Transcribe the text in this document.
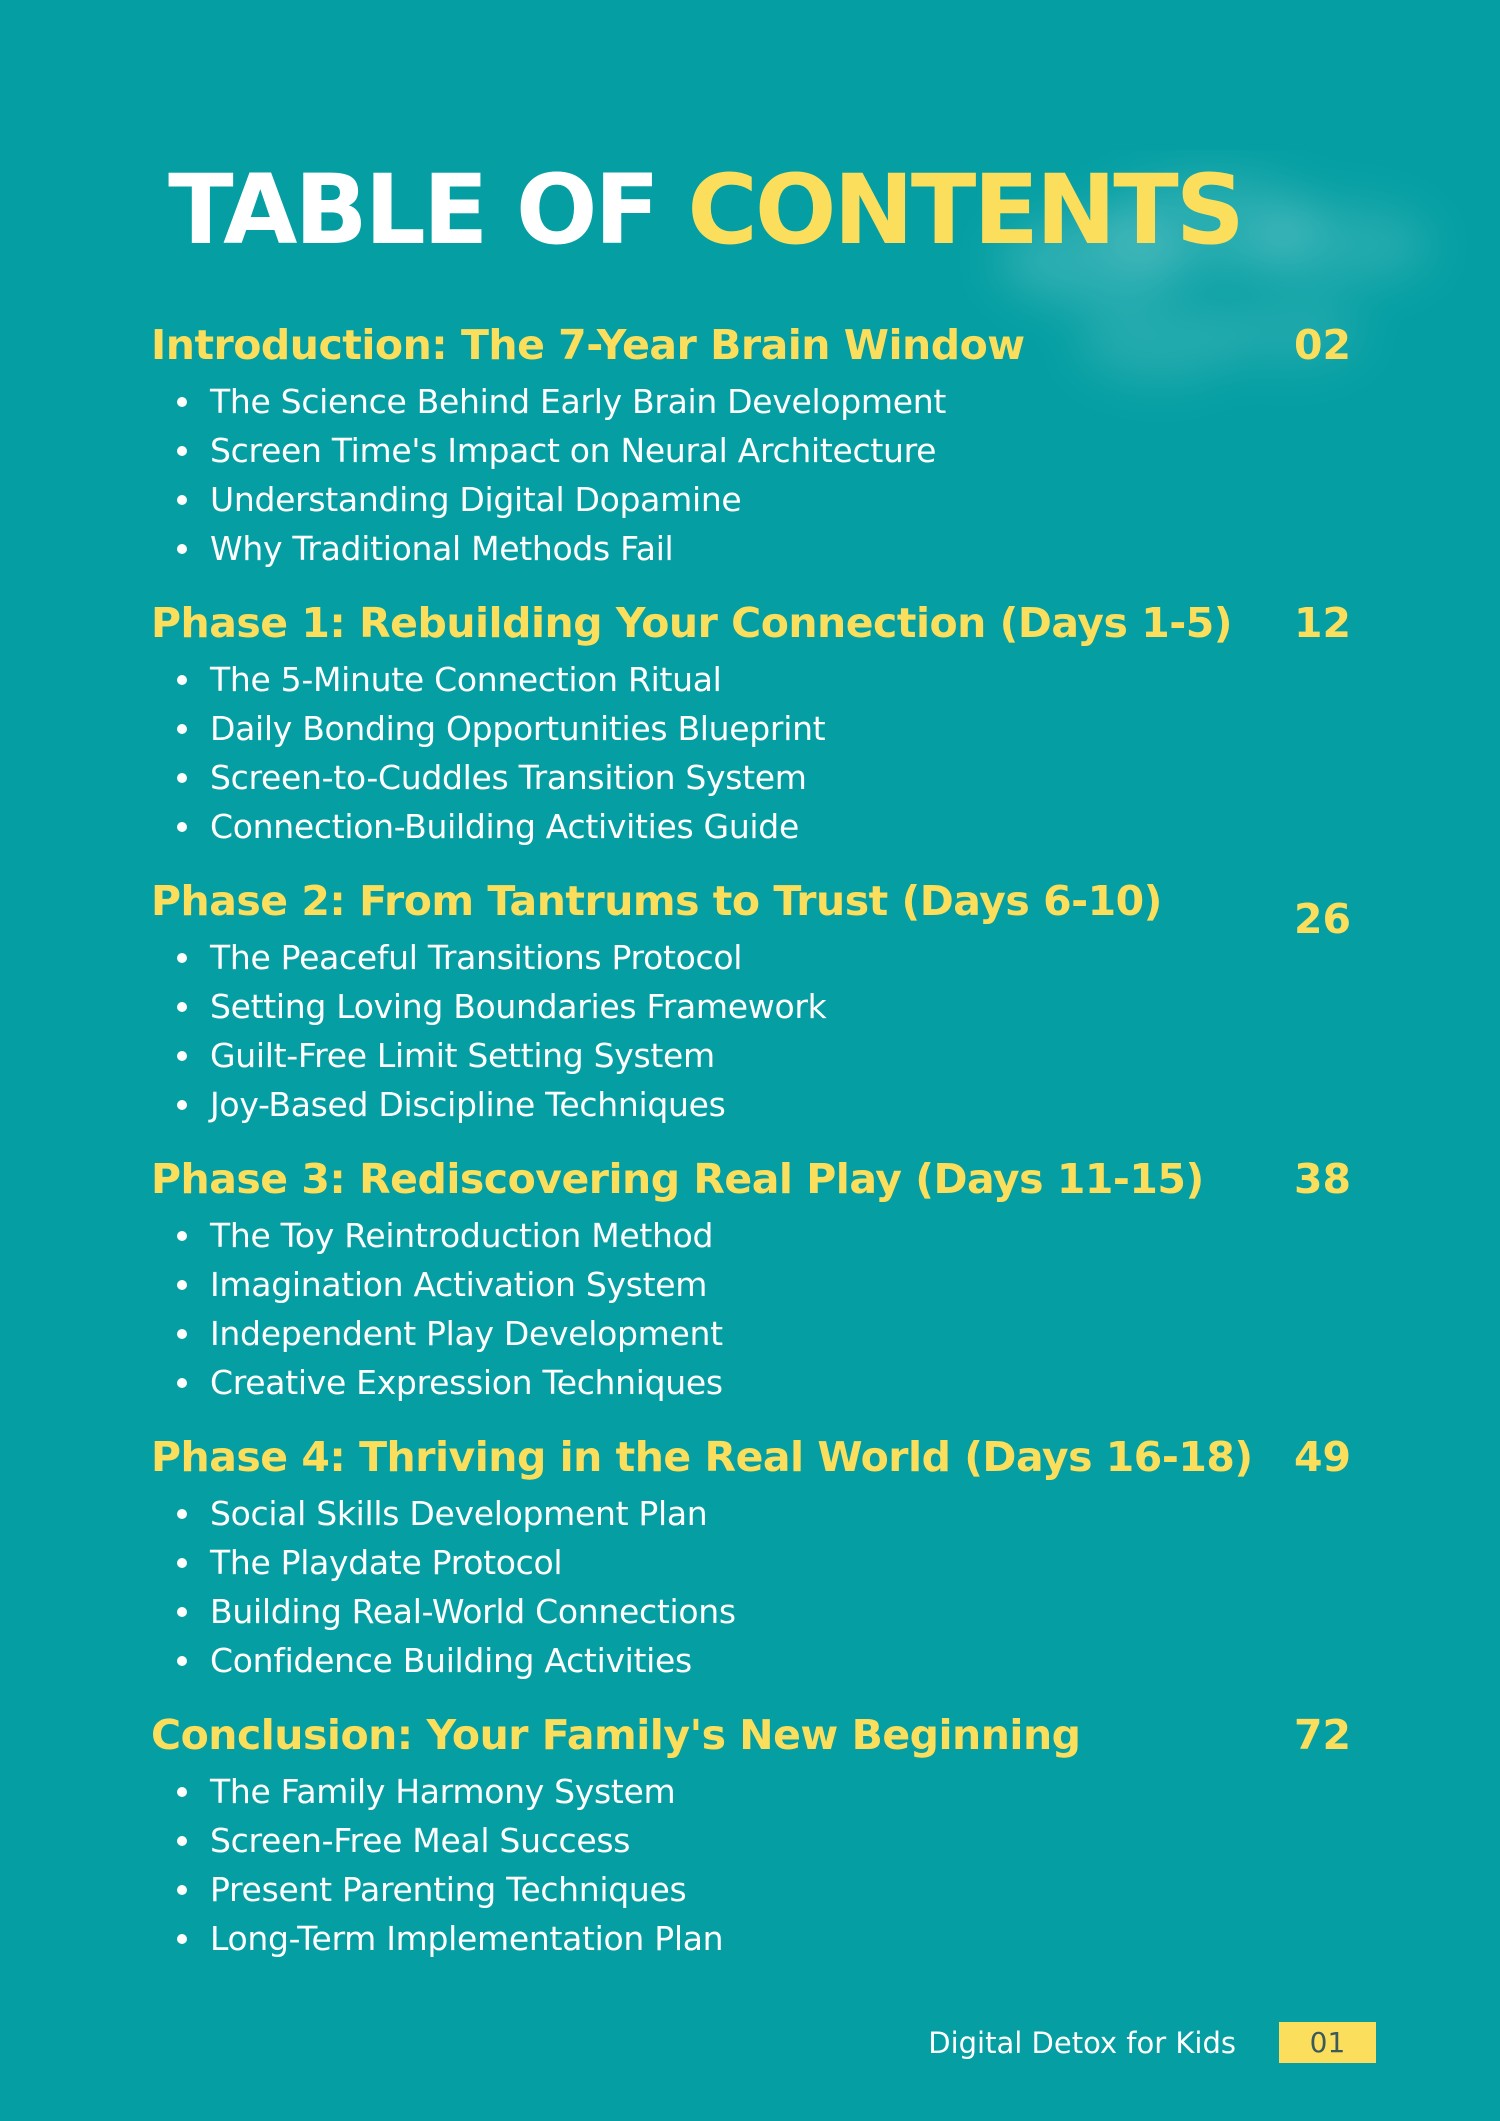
TABLE OF CONTENTS
Introduction: The 7-Year Brain Window	02
The Science Behind Early Brain Development
Screen Time's Impact on Neural Architecture
Understanding Digital Dopamine
Why Traditional Methods Fail
Phase 1: Rebuilding Your Connection (Days 1-5) 12
The 5-Minute Connection Ritual
Daily Bonding Opportunities Blueprint
Screen-to-Cuddles Transition System
Connection-Building Activities Guide
Phase 2: From Tantrums to Trust (Days 6-10)	26
The Peaceful Transitions Protocol
Setting Loving Boundaries Framework
Guilt-Free Limit Setting System
Joy-Based Discipline Techniques
Phase 3: Rediscovering Real Play (Days 11-15) 38
The Toy Reintroduction Method
Imagination Activation System
Independent Play Development
Creative Expression Techniques
Phase 4: Thriving in the Real World (Days 16-18) 49
Social Skills Development Plan
The Playdate Protocol
Building Real-World Connections
Confidence Building Activities
Conclusion: Your Family's New Beginning	72
The Family Harmony System
Screen-Free Meal Success
Present Parenting Techniques
Long-Term Implementation Plan
Digital Detox for Kids	01
